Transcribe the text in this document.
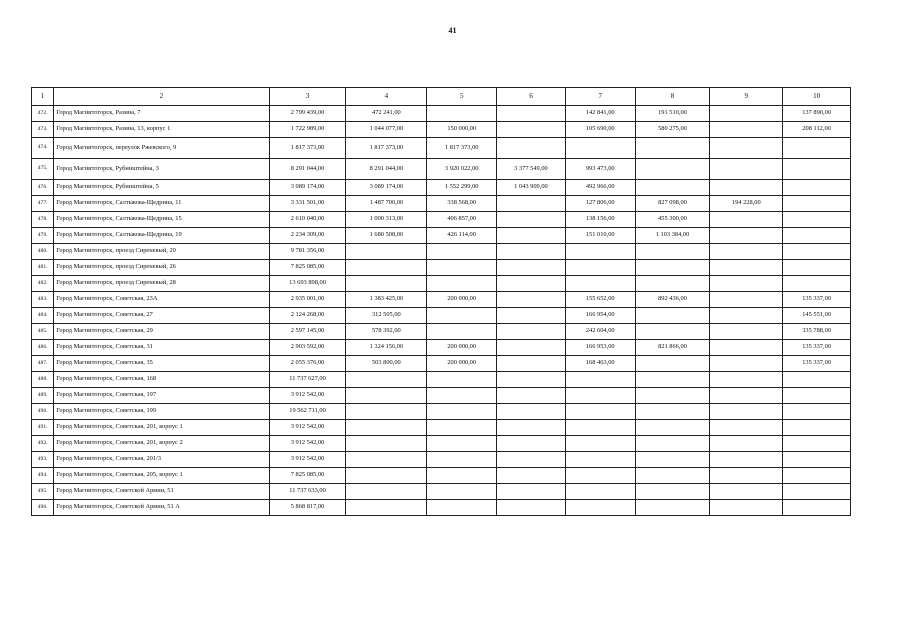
41
1	2	3	4	5	6	7	8	9	10
472.	Город Магнитогорск, Разина, 7	2 799 439,00	472 241,00			142 841,00	191 510,00		137 890,00
473.	Город Магнитогорск, Разина, 13, корпус 1	1 722 989,00	1 044 077,00	150 000,00		105 690,00	580 275,00		208 112,00
474.	Город Магнитогорск, переулок Ржевского, 9	1 817 373,00	1 817 373,00	1 817 373,00					
475.	Город Магнитогорск, Рубинштейна, 3	8 291 044,00	8 291 044,00	3 920 022,00	3 377 549,00	993 473,00			
476.	Город Магнитогорск, Рубинштейна, 5	3 089 174,00	3 089 174,00	1 552 299,00	1 043 909,00	492 966,00			
477.	Город Магнитогорск, Салтыкова-Щедрина, 11	3 331 501,00	1 487 700,00	338 568,00		127 806,00	827 098,00	194 228,00	
478.	Город Магнитогорск, Салтыкова-Щедрина, 15	2 610 040,00	1 000 313,00	406 857,00		138 156,00	455 300,00		
479.	Город Магнитогорск, Салтыкова-Щедрина, 19	2 234 309,00	1 680 508,00	426 114,00		151 010,00	1 103 384,00		
480.	Город Магнитогорск, проезд Сиреневый, 20	9 781 356,00							
481.	Город Магнитогорск, проезд Сиреневый, 26	7 825 085,00							
482.	Город Магнитогорск, проезд Сиреневый, 28	13 693 898,00							
483.	Город Магнитогорск, Советская, 23А	2 935 001,00	1 383 425,00	200 000,00		155 652,00	892 436,00		135 337,00
484.	Город Магнитогорск, Советская, 27	2 124 268,00	312 505,00			166 954,00			145 551,00
485.	Город Магнитогорск, Советская, 29	2 597 145,00	578 392,00			242 604,00			335 788,00
486.	Город Магнитогорск, Советская, 31	2 903 592,00	1 324 156,00	200 000,00		166 953,00	821 866,00		135 337,00
487.	Город Магнитогорск, Советская, 35	2 055 376,00	503 800,00	200 000,00		168 463,00			135 337,00
488.	Город Магнитогорск, Советская, 168	11 737 627,00							
489.	Город Магнитогорск, Советская, 197	3 912 542,00							
490.	Город Магнитогорск, Советская, 199	19 562 711,00							
491.	Город Магнитогорск, Советская, 201, корпус 1	3 912 542,00							
492.	Город Магнитогорск, Советская, 201, корпус 2	3 912 542,00							
493.	Город Магнитогорск, Советская, 201/3	3 912 542,00							
494.	Город Магнитогорск, Советская, 205, корпус 1	7 825 085,00							
495.	Город Магнитогорск, Советской Армии, 51	11 737 633,00							
496.	Город Магнитогорск, Советской Армии, 51 А	5 868 817,00							
